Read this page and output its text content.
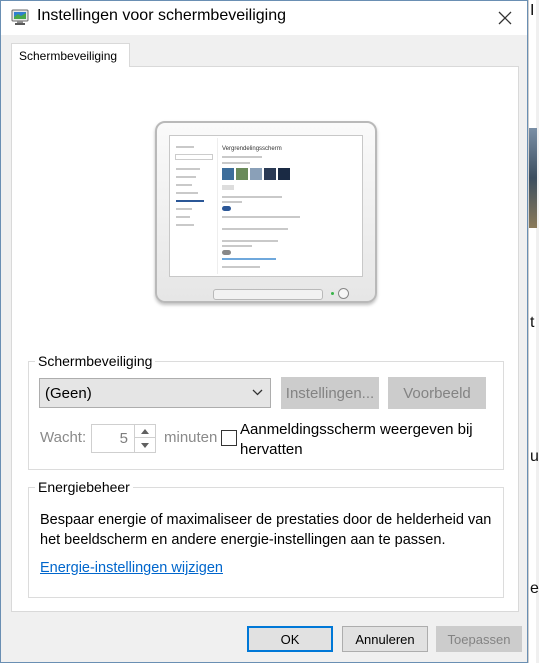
I
t
u
e
Instellingen voor schermbeveiliging
Schermbeveiliging
Vergrendelingsscherm
Schermbeveiliging
(Geen)	Instellingen...	Voorbeeld
Wacht:	5	minuten Aanmeldingsscherm weergeven bij hervatten
Energiebeheer
Bespaar energie of maximaliseer de prestaties door de helderheid van het beeldscherm en andere energie-instellingen aan te passen.
Energie-instellingen wijzigen
OK	Annuleren	Toepassen
